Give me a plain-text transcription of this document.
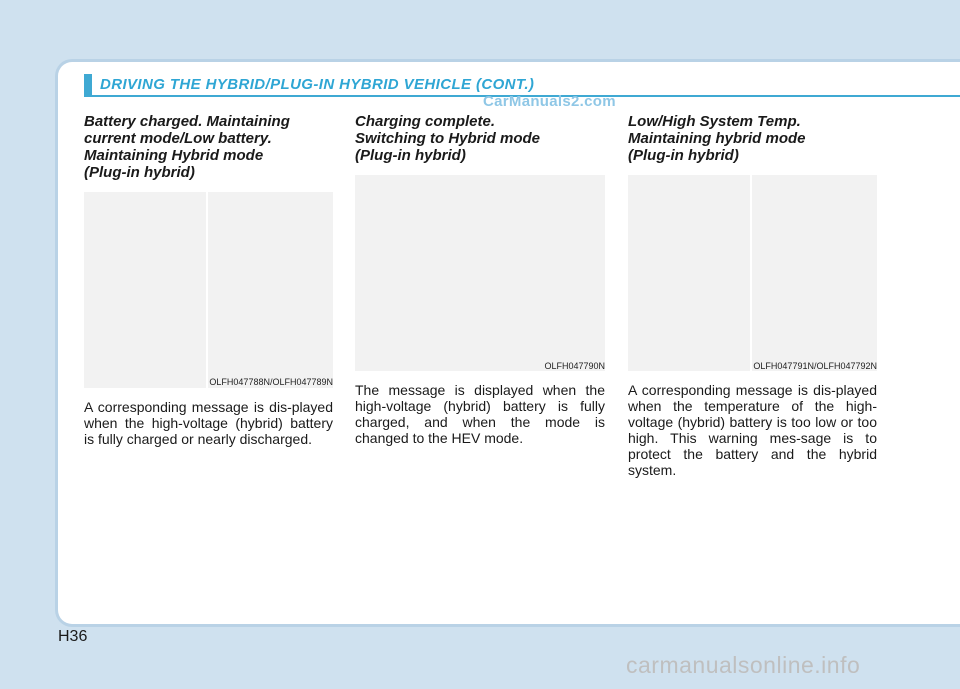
DRIVING THE HYBRID/PLUG-IN HYBRID VEHICLE (CONT.)
CarManuals2.com
Battery charged. Maintaining
current mode/Low battery.
Maintaining Hybrid mode
(Plug-in hybrid)
OLFH047788N/OLFH047789N

A corresponding message is dis-played when the high-voltage (hybrid) battery is fully charged or nearly discharged.

Charging complete.
Switching to Hybrid mode
(Plug-in hybrid)
OLFH047790N

The message is displayed when the high-voltage (hybrid) battery is fully charged, and when the mode is changed to the HEV mode.

Low/High System Temp.
Maintaining hybrid mode
(Plug-in hybrid)
OLFH047791N/OLFH047792N

A corresponding message is dis-played when the temperature of the high-voltage (hybrid) battery is too low or too high. This warning mes-sage is to protect the battery and the hybrid system.

H36
carmanualsonline.info
